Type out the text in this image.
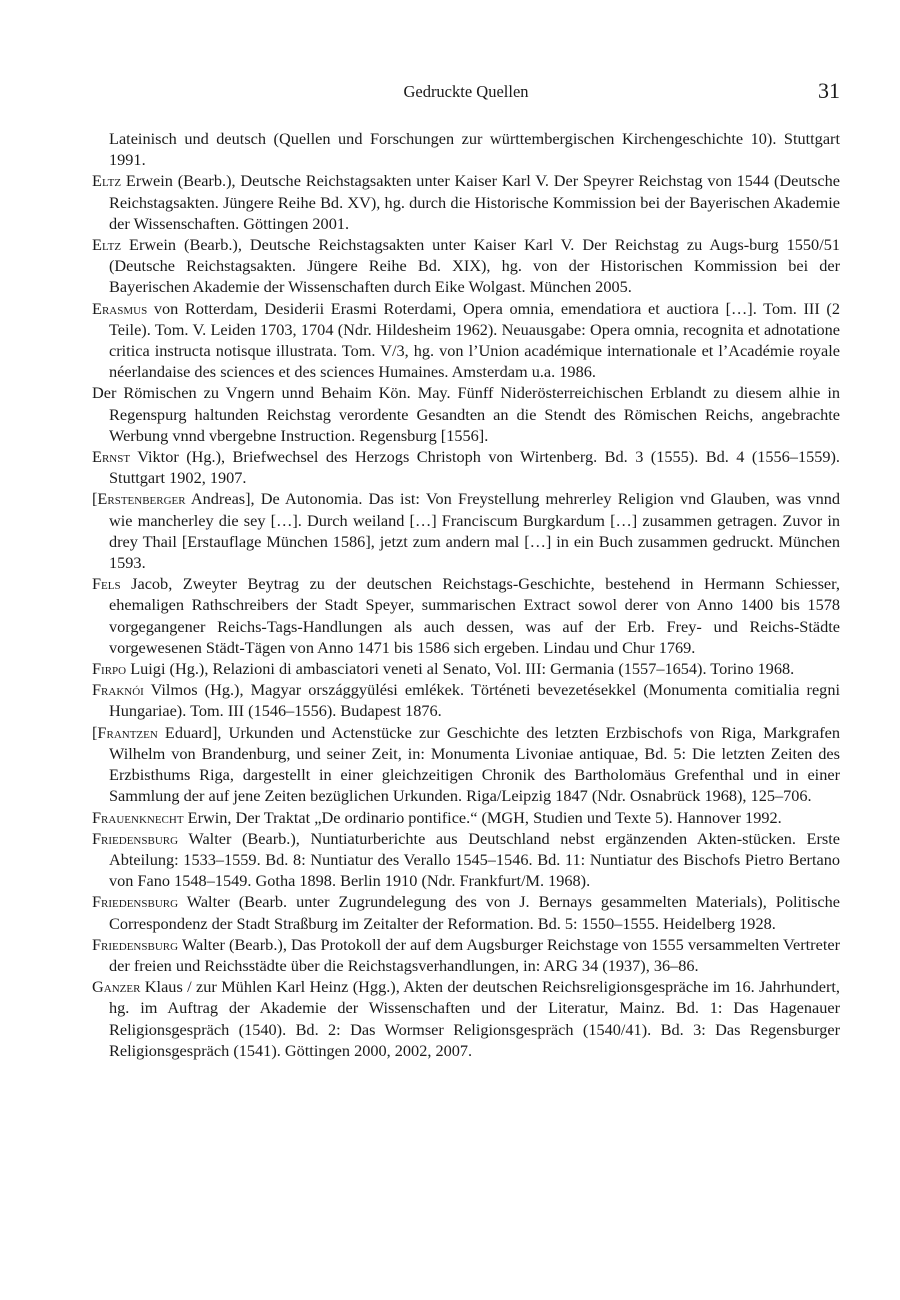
Gedruckte Quellen	31

Lateinisch und deutsch (Quellen und Forschungen zur württembergischen Kirchengeschichte 10). Stuttgart 1991.

Eltz Erwein (Bearb.), Deutsche Reichstagsakten unter Kaiser Karl V. Der Speyrer Reichstag von 1544 (Deutsche Reichstagsakten. Jüngere Reihe Bd. XV), hg. durch die Historische Kommission bei der Bayerischen Akademie der Wissenschaften. Göttingen 2001.

Eltz Erwein (Bearb.), Deutsche Reichstagsakten unter Kaiser Karl V. Der Reichstag zu Augs-burg 1550/51 (Deutsche Reichstagsakten. Jüngere Reihe Bd. XIX), hg. von der Historischen Kommission bei der Bayerischen Akademie der Wissenschaften durch Eike Wolgast. München 2005.

Erasmus von Rotterdam, Desiderii Erasmi Roterdami, Opera omnia, emendatiora et auctiora […]. Tom. III (2 Teile). Tom. V. Leiden 1703, 1704 (Ndr. Hildesheim 1962). Neuausgabe: Opera omnia, recognita et adnotatione critica instructa notisque illustrata. Tom. V/3, hg. von l’Union académique internationale et l’Académie royale néerlandaise des sciences et des sciences Humaines. Amsterdam u.a. 1986.

Der Römischen zu Vngern unnd Behaim Kön. May. Fünff Niderösterreichischen Erblandt zu diesem alhie in Regenspurg haltunden Reichstag verordente Gesandten an die Stendt des Römischen Reichs, angebrachte Werbung vnnd vbergebne Instruction. Regensburg [1556].

Ernst Viktor (Hg.), Briefwechsel des Herzogs Christoph von Wirtenberg. Bd. 3 (1555). Bd. 4 (1556–1559). Stuttgart 1902, 1907.

[Erstenberger Andreas], De Autonomia. Das ist: Von Freystellung mehrerley Religion vnd Glauben, was vnnd wie mancherley die sey […]. Durch weiland […] Franciscum Burgkardum […] zusammen getragen. Zuvor in drey Thail [Erstauflage München 1586], jetzt zum andern mal […] in ein Buch zusammen gedruckt. München 1593.

Fels Jacob, Zweyter Beytrag zu der deutschen Reichstags-Geschichte, bestehend in Hermann Schiesser, ehemaligen Rathschreibers der Stadt Speyer, summarischen Extract sowol derer von Anno 1400 bis 1578 vorgegangener Reichs-Tags-Handlungen als auch dessen, was auf der Erb. Frey- und Reichs-Städte vorgewesenen Städt-Tägen von Anno 1471 bis 1586 sich ergeben. Lindau und Chur 1769.

Firpo Luigi (Hg.), Relazioni di ambasciatori veneti al Senato, Vol. III: Germania (1557–1654). Torino 1968.

Fraknói Vilmos (Hg.), Magyar országgyülési emlékek. Történeti bevezetésekkel (Monumenta comitialia regni Hungariae). Tom. III (1546–1556). Budapest 1876.

[Frantzen Eduard], Urkunden und Actenstücke zur Geschichte des letzten Erzbischofs von Riga, Markgrafen Wilhelm von Brandenburg, und seiner Zeit, in: Monumenta Livoniae antiquae, Bd. 5: Die letzten Zeiten des Erzbisthums Riga, dargestellt in einer gleichzeitigen Chronik des Bartholomäus Grefenthal und in einer Sammlung der auf jene Zeiten bezüglichen Urkunden. Riga/Leipzig 1847 (Ndr. Osnabrück 1968), 125–706.

Frauenknecht Erwin, Der Traktat „De ordinario pontifice.“ (MGH, Studien und Texte 5). Hannover 1992.

Friedensburg Walter (Bearb.), Nuntiaturberichte aus Deutschland nebst ergänzenden Akten-stücken. Erste Abteilung: 1533–1559. Bd. 8: Nuntiatur des Verallo 1545–1546. Bd. 11: Nuntiatur des Bischofs Pietro Bertano von Fano 1548–1549. Gotha 1898. Berlin 1910 (Ndr. Frankfurt/M. 1968).

Friedensburg Walter (Bearb. unter Zugrundelegung des von J. Bernays gesammelten Materials), Politische Correspondenz der Stadt Straßburg im Zeitalter der Reformation. Bd. 5: 1550–1555. Heidelberg 1928.

Friedensburg Walter (Bearb.), Das Protokoll der auf dem Augsburger Reichstage von 1555 versammelten Vertreter der freien und Reichsstädte über die Reichstagsverhandlungen, in: ARG 34 (1937), 36–86.

Ganzer Klaus / zur Mühlen Karl Heinz (Hgg.), Akten der deutschen Reichsreligionsgespräche im 16. Jahrhundert, hg. im Auftrag der Akademie der Wissenschaften und der Literatur, Mainz. Bd. 1: Das Hagenauer Religionsgespräch (1540). Bd. 2: Das Wormser Religionsgespräch (1540/41). Bd. 3: Das Regensburger Religionsgespräch (1541). Göttingen 2000, 2002, 2007.
